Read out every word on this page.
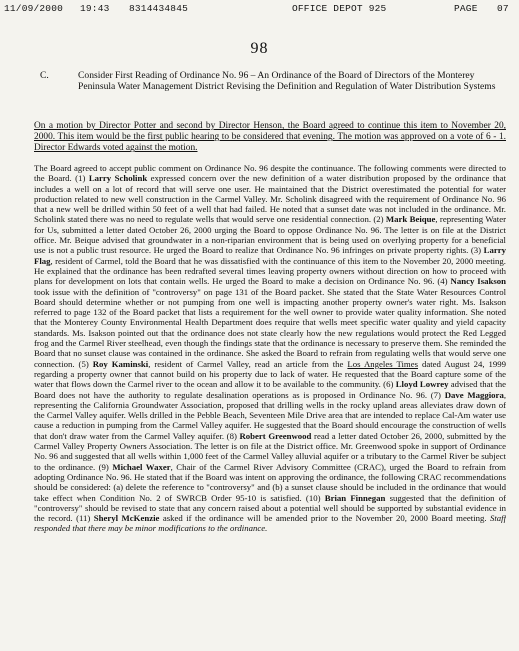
11/09/2000 19:43 8314434845	OFFICE DEPOT 925	PAGE 07
98
C.	Consider First Reading of Ordinance No. 96 – An Ordinance of the Board of Directors of the Monterey Peninsula Water Management District Revising the Definition and Regulation of Water Distribution Systems
On a motion by Director Potter and second by Director Henson, the Board agreed to continue this item to November 20, 2000. This item would be the first public hearing to be considered that evening. The motion was approved on a vote of 6 - 1. Director Edwards voted against the motion.

The Board agreed to accept public comment on Ordinance No. 96 despite the continuance. The following comments were directed to the Board. (1) Larry Scholink expressed concern over the new definition of a water distribution proposed by the ordinance that includes a well on a lot of record that will serve one user. He maintained that the District overestimated the potential for water production related to new well construction in the Carmel Valley. Mr. Scholink disagreed with the requirement of Ordinance No. 96 that a new well be drilled within 50 feet of a well that had failed. He noted that a sunset date was not included in the ordinance. Mr. Scholink stated there was no need to regulate wells that would serve one residential connection. (2) Mark Beique, representing Water for Us, submitted a letter dated October 26, 2000 urging the Board to oppose Ordinance No. 96. The letter is on file at the District office. Mr. Beique advised that groundwater in a non-riparian environment that is being used on overlying property for a beneficial use is not a public trust resource. He urged the Board to realize that Ordinance No. 96 infringes on private property rights. (3) Larry Flag, resident of Carmel, told the Board that he was dissatisfied with the continuance of this item to the November 20, 2000 meeting. He explained that the ordinance has been redrafted several times leaving property owners without direction on how to proceed with plans for development on lots that contain wells. He urged the Board to make a decision on Ordinance No. 96. (4) Nancy Isakson took issue with the definition of "controversy" on page 131 of the Board packet. She stated that the State Water Resources Control Board should determine whether or not pumping from one well is impacting another property owner's water right. Ms. Isakson referred to page 132 of the Board packet that lists a requirement for the well owner to provide water quality information. She noted that the Monterey County Environmental Health Department does require that wells meet specific water quality and yield capacity standards. Ms. Isakson pointed out that the ordinance does not state clearly how the new regulations would protect the Red Legged frog and the Carmel River steelhead, even though the findings state that the ordinance is necessary to preserve them. She reminded the Board that no sunset clause was contained in the ordinance. She asked the Board to refrain from regulating wells that would serve one connection. (5) Roy Kaminski, resident of Carmel Valley, read an article from the Los Angeles Times dated August 24, 1999 regarding a property owner that cannot build on his property due to lack of water. He requested that the Board capture some of the water that flows down the Carmel river to the ocean and allow it to be available to the community. (6) Lloyd Lowrey advised that the Board does not have the authority to regulate desalination operations as is proposed in Ordinance No. 96. (7) Dave Maggiora, representing the California Groundwater Association, proposed that drilling wells in the rocky upland areas alleviates draw down of the Carmel Valley aquifer. Wells drilled in the Pebble Beach, Seventeen Mile Drive area that are intended to replace Cal-Am water use cause a reduction in pumping from the Carmel Valley aquifer. He suggested that the Board should encourage the construction of wells that don't draw water from the Carmel Valley aquifer. (8) Robert Greenwood read a letter dated October 26, 2000, submitted by the Carmel Valley Property Owners Association. The letter is on file at the District office. Mr. Greenwood spoke in support of Ordinance No. 96 and suggested that all wells within 1,000 feet of the Carmel Valley alluvial aquifer or a tributary to the Carmel River be subject to the ordinance. (9) Michael Waxer, Chair of the Carmel River Advisory Committee (CRAC), urged the Board to refrain from adopting Ordinance No. 96. He stated that if the Board was intent on approving the ordinance, the following CRAC recommendations should be considered: (a) delete the reference to "controversy" and (b) a sunset clause should be included in the ordinance that would take effect when Condition No. 2 of SWRCB Order 95-10 is satisfied. (10) Brian Finnegan suggested that the definition of "controversy" should be revised to state that any concern raised about a potential well should be supported by substantial evidence in the record. (11) Sheryl McKenzie asked if the ordinance will be amended prior to the November 20, 2000 Board meeting. Staff responded that there may be minor modifications to the ordinance.
